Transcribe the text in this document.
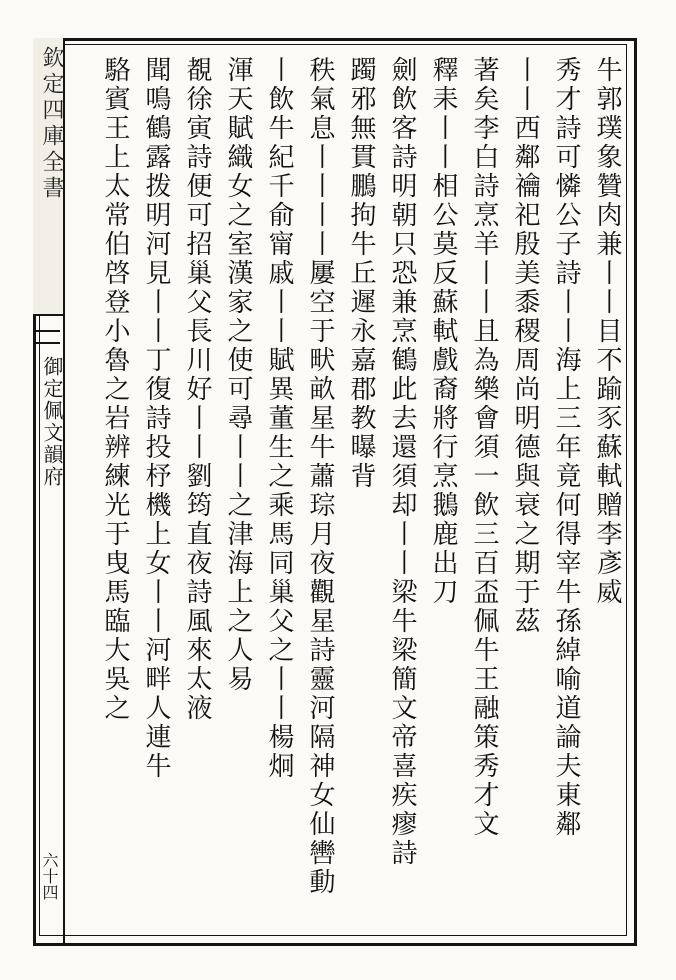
欽定四庫全書
御定佩文韻府
六十四
牛郭璞象贊肉兼丨丨目不踰豕蘇軾贈李彥威
秀才詩可憐公子詩丨丨海上三年竟何得宰牛孫綽喻道論夫東鄰
丨丨西鄰禴祀殷美黍稷周尚明德與衰之期于茲
著矣李白詩烹羊丨丨且為樂會須一飲三百盃佩牛王融策秀才文
釋耒丨丨相公莫反蘇軾戲裔將行烹鵝鹿出刀
劍飲客詩明朝只恐兼烹鶴此去還須却丨丨梁牛梁簡文帝喜疾瘳詩
躅邪無貫鵬拘牛丘遲永嘉郡教曝背
秩氣息丨丨丨丨屢空于畎畝星牛蕭琮月夜觀星詩靈河隔神女仙轡動
丨飲牛紀千俞甯戚丨丨賦異董生之乘馬同巢父之丨丨楊炯
渾天賦織女之室漢家之使可尋丨丨之津海上之人易
覩徐寅詩便可招巢父長川好丨丨劉筠直夜詩風來太液
聞鳴鶴露拨明河見丨丨丁復詩投杼機上女丨丨河畔人連牛
駱賓王上太常伯啓登小魯之岩辨練光于曳馬臨大吳之
